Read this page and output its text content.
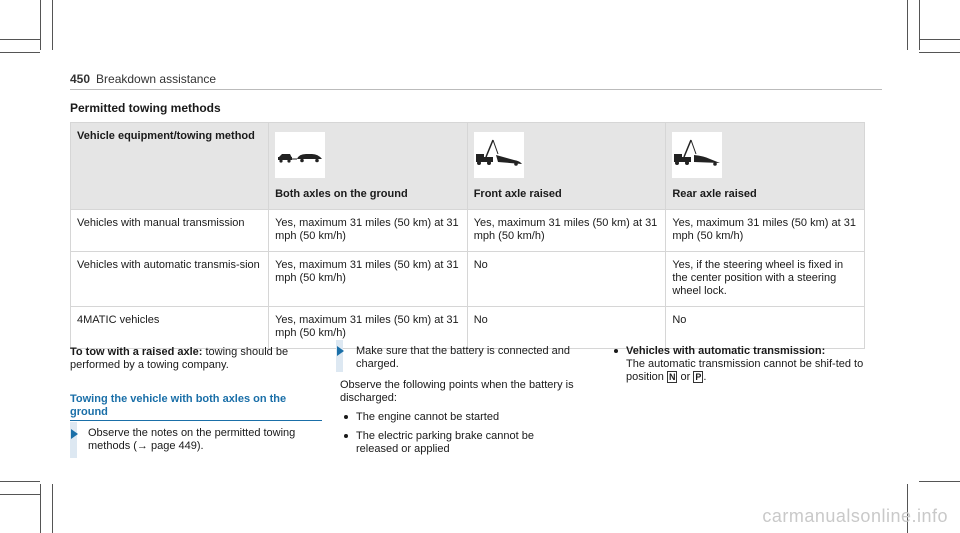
450 Breakdown assistance
Permitted towing methods
Vehicle equipment/towing method	Both axles on the ground	Front axle raised	Rear axle raised

Vehicles with manual transmission	Yes, maximum 31 miles (50 km) at 31 mph (50 km/h)	Yes, maximum 31 miles (50 km) at 31 mph (50 km/h)	Yes, maximum 31 miles (50 km) at 31 mph (50 km/h)
Vehicles with automatic transmis-sion	Yes, maximum 31 miles (50 km) at 31 mph (50 km/h)	No	Yes, if the steering wheel is fixed in the center position with a steering wheel lock.
4MATIC vehicles	Yes, maximum 31 miles (50 km) at 31 mph (50 km/h)	No	No
To tow with a raised axle: towing should be performed by a towing company.
Towing the vehicle with both axles on the ground
Observe the notes on the permitted towing methods (→ page 449).
Make sure that the battery is connected and charged.
Observe the following points when the battery is discharged:
The engine cannot be started
The electric parking brake cannot be released or applied
Vehicles with automatic transmission:
The automatic transmission cannot be shif-ted to position N or P .
carmanualsonline.info
